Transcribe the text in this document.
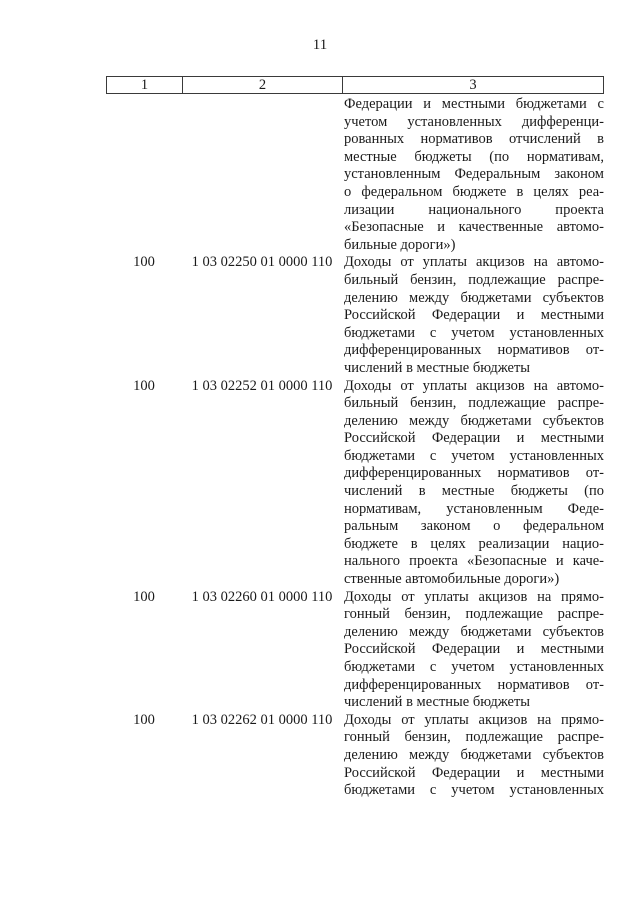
11
1	2	3
Федерации и местными бюджетами с
учетом установленных дифференци-
рованных нормативов отчислений в
местные бюджеты (по нормативам,
установленным Федеральным законом
о федеральном бюджете в целях реа-
лизации национального проекта
«Безопасные и качественные автомо-
бильные дороги»)
100	1 03 02250 01 0000 110 Доходы от уплаты акцизов на автомо-
бильный бензин, подлежащие распре-
делению между бюджетами субъектов
Российской Федерации и местными
бюджетами с учетом установленных
дифференцированных нормативов от-
числений в местные бюджеты
100	1 03 02252 01 0000 110 Доходы от уплаты акцизов на автомо-
бильный бензин, подлежащие распре-
делению между бюджетами субъектов
Российской Федерации и местными
бюджетами с учетом установленных
дифференцированных нормативов от-
числений в местные бюджеты (по
нормативам, установленным Феде-
ральным законом о федеральном
бюджете в целях реализации нацио-
нального проекта «Безопасные и каче-
ственные автомобильные дороги»)
100	1 03 02260 01 0000 110 Доходы от уплаты акцизов на прямо-
гонный бензин, подлежащие распре-
делению между бюджетами субъектов
Российской Федерации и местными
бюджетами с учетом установленных
дифференцированных нормативов от-
числений в местные бюджеты
100	1 03 02262 01 0000 110 Доходы от уплаты акцизов на прямо-
гонный бензин, подлежащие распре-
делению между бюджетами субъектов
Российской Федерации и местными
бюджетами с учетом установленных
